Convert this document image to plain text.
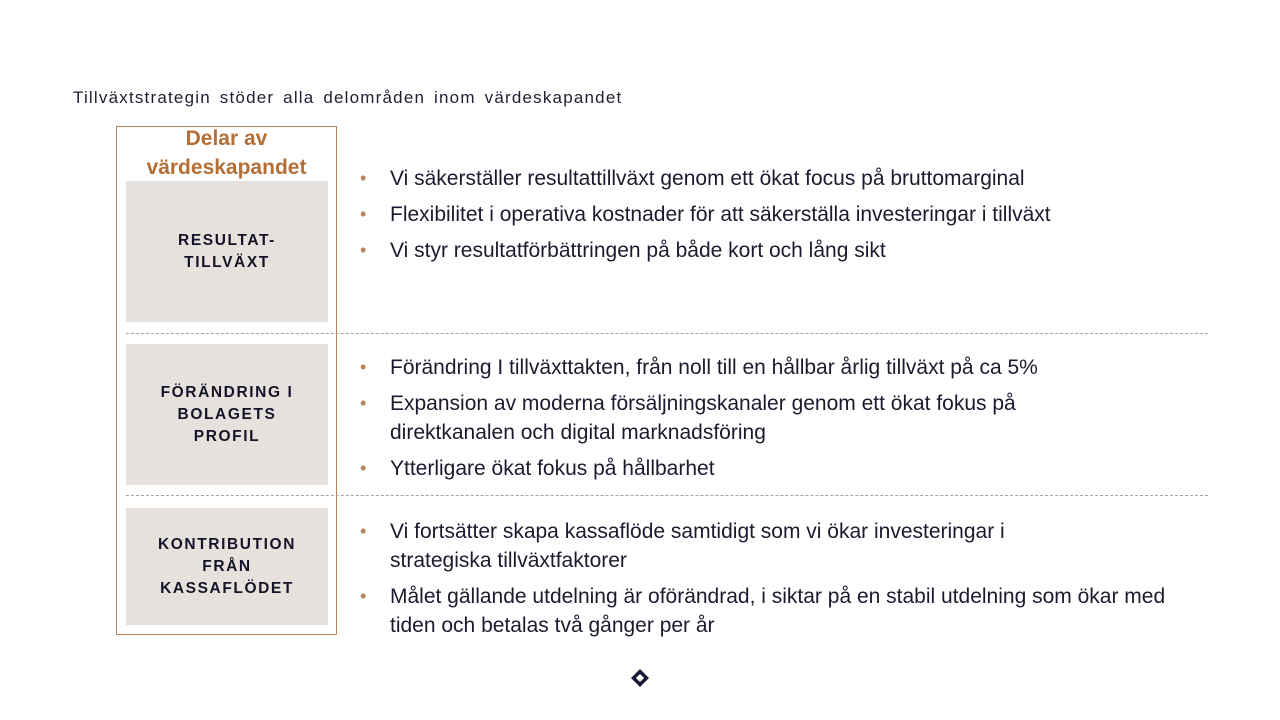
Tillväxtstrategin stöder alla delområden inom värdeskapandet
Delar av
värdeskapandet
RESULTAT-
TILLVÄXT
FÖRÄNDRING I
BOLAGETS
PROFIL
KONTRIBUTION
FRÅN
KASSAFLÖDET
• Vi säkerställer resultattillväxt genom ett ökat focus på bruttomarginal
• Flexibilitet i operativa kostnader för att säkerställa investeringar i tillväxt
• Vi styr resultatförbättringen på både kort och lång sikt
• Förändring I tillväxttakten, från noll till en hållbar årlig tillväxt på ca 5%
• Expansion av moderna försäljningskanaler genom ett ökat fokus på direktkanalen och digital marknadsföring
• Ytterligare ökat fokus på hållbarhet
• Vi fortsätter skapa kassaflöde samtidigt som vi ökar investeringar i strategiska tillväxtfaktorer
• Målet gällande utdelning är oförändrad, i siktar på en stabil utdelning som ökar med tiden och betalas två gånger per år
